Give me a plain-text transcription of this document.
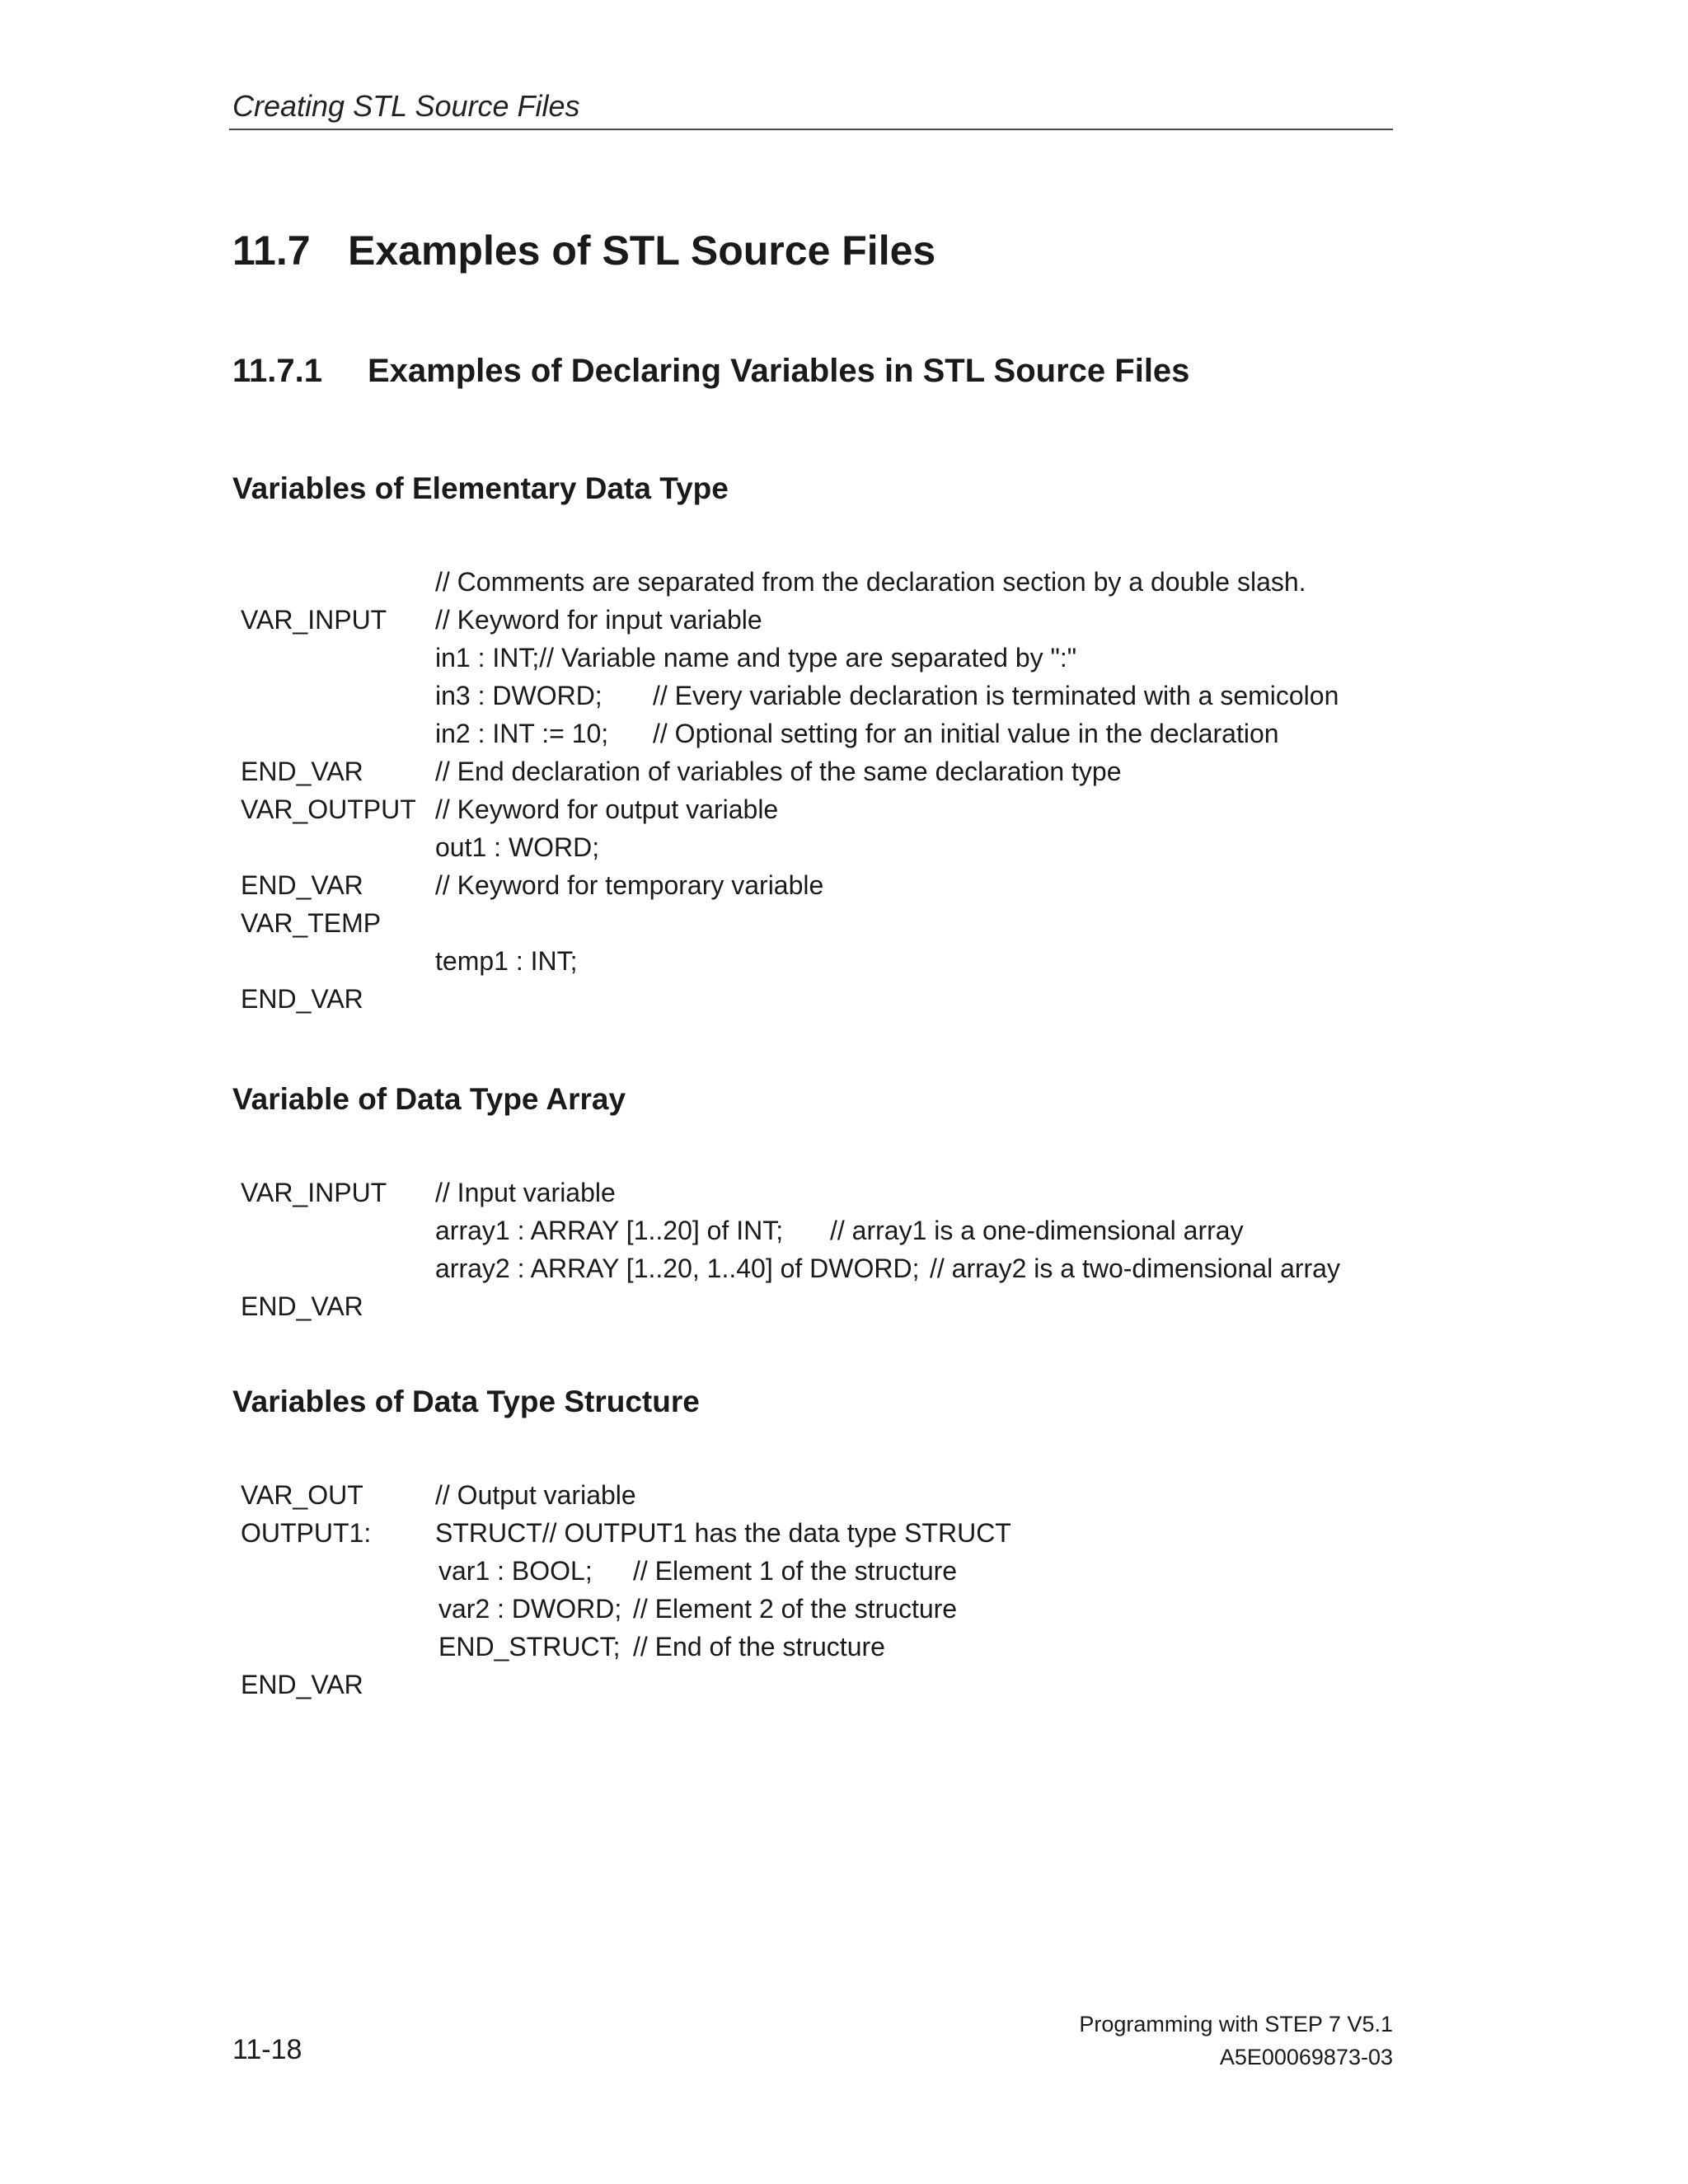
Creating STL Source Files
11.7 Examples of STL Source Files
11.7.1 Examples of Declaring Variables in STL Source Files
Variables of Elementary Data Type
// Comments are separated from the declaration section by a double slash.
VAR_INPUT // Keyword for input variable
in1 : INT;// Variable name and type are separated by ":"
in3 : DWORD; // Every variable declaration is terminated with a semicolon
in2 : INT := 10; // Optional setting for an initial value in the declaration
END_VAR	// End declaration of variables of the same declaration type
VAR_OUTPUT // Keyword for output variable
out1 : WORD;
END_VAR	// Keyword for temporary variable
VAR_TEMP
temp1 : INT;
END_VAR
Variable of Data Type Array
VAR_INPUT // Input variable
array1 : ARRAY [1..20] of INT; // array1 is a one-dimensional array
array2 : ARRAY [1..20, 1..40] of DWORD; // array2 is a two-dimensional array
END_VAR
Variables of Data Type Structure
VAR_OUT	// Output variable
OUTPUT1: STRUCT// OUTPUT1 has the data type STRUCT
var1 : BOOL; // Element 1 of the structure
var2 : DWORD; // Element 2 of the structure
END_STRUCT; // End of the structure
END_VAR
11-18
Programming with STEP 7 V5.1
A5E00069873-03
